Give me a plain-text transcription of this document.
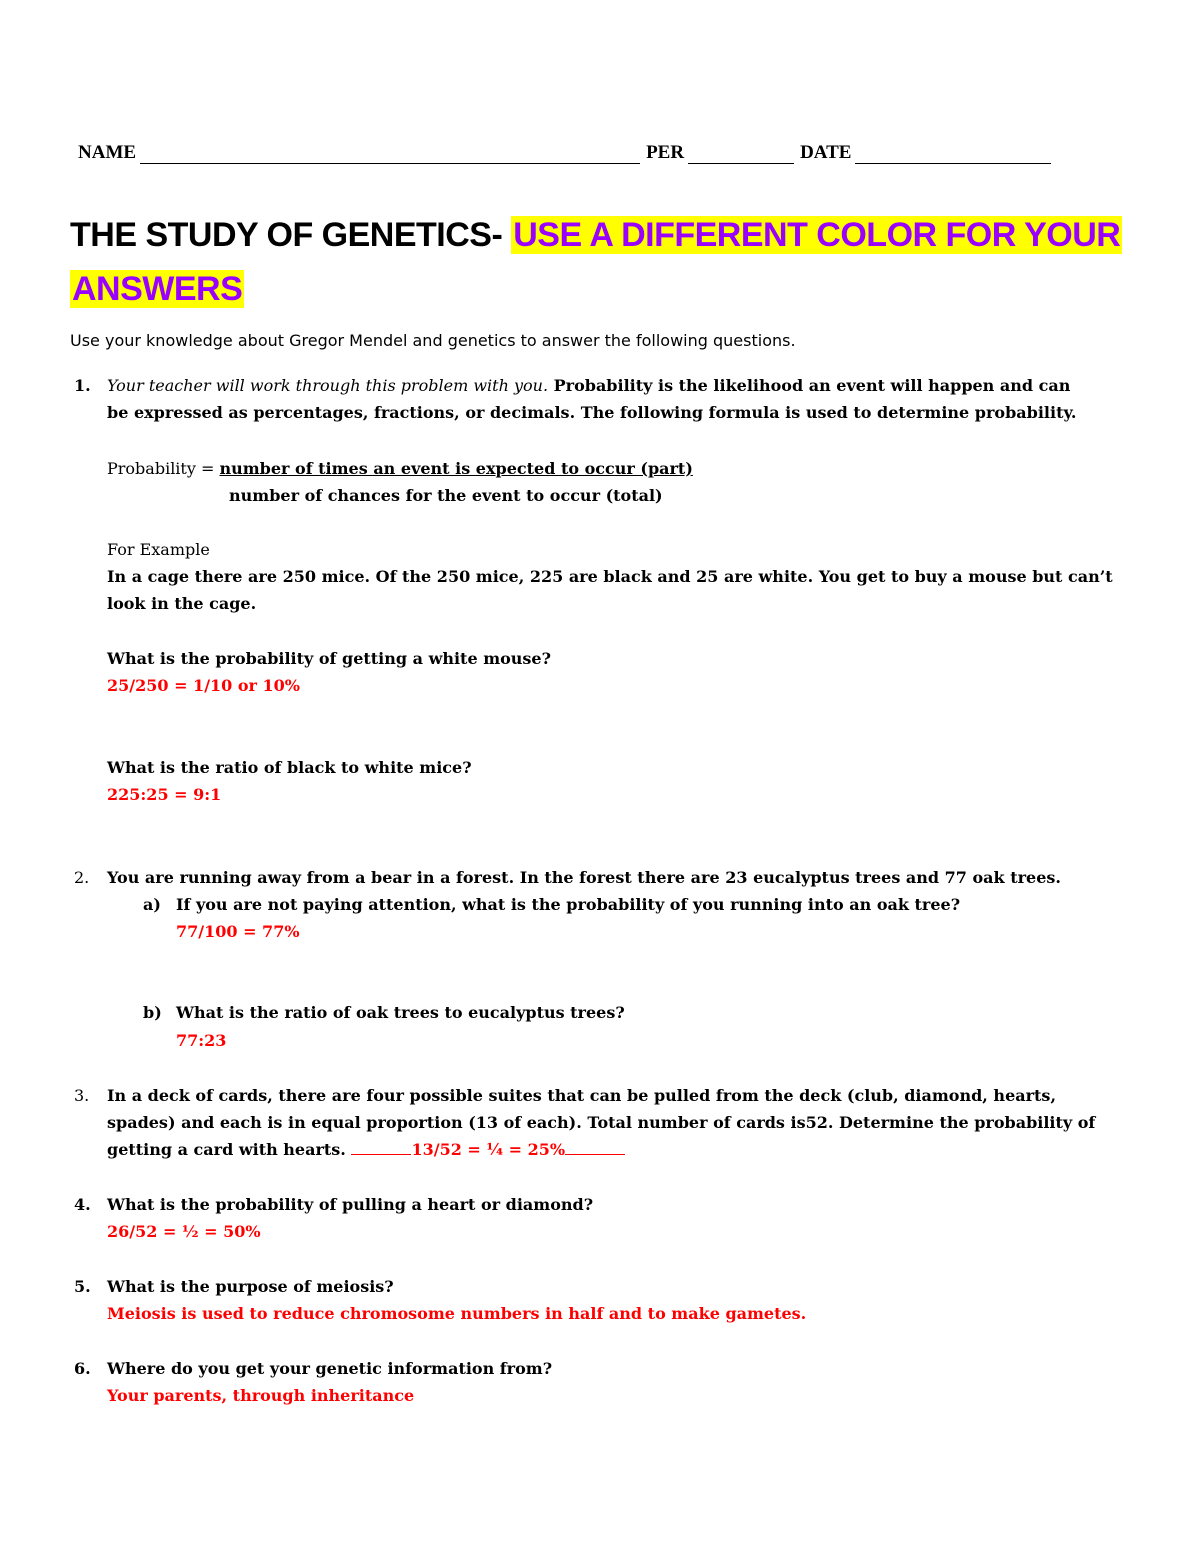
NAME	PER	DATE
THE STUDY OF GENETICS- USE A DIFFERENT COLOR FOR YOUR
ANSWERS
Use your knowledge about Gregor Mendel and genetics to answer the following questions.
1.	Your teacher will work through this problem with you. Probability is the likelihood an event will happen and can
be expressed as percentages, fractions, or decimals. The following formula is used to determine probability.
Probability = number of times an event is expected to occur (part)
number of chances for the event to occur (total)
For Example
In a cage there are 250 mice. Of the 250 mice, 225 are black and 25 are white. You get to buy a mouse but can’t
look in the cage.
What is the probability of getting a white mouse?
25/250 = 1/10 or 10%
What is the ratio of black to white mice?
225:25 = 9:1
2.	You are running away from a bear in a forest. In the forest there are 23 eucalyptus trees and 77 oak trees.
a) If you are not paying attention, what is the probability of you running into an oak tree?
77/100 = 77%
b) What is the ratio of oak trees to eucalyptus trees?
77:23
3.	In a deck of cards, there are four possible suites that can be pulled from the deck (club, diamond, hearts,
spades) and each is in equal proportion (13 of each). Total number of cards is52. Determine the probability of
getting a card with hearts.	13/52 = ¼ = 25%
4.	What is the probability of pulling a heart or diamond?
26/52 = ½ = 50%
5.	What is the purpose of meiosis?
Meiosis is used to reduce chromosome numbers in half and to make gametes.
6.	Where do you get your genetic information from?
Your parents, through inheritance
